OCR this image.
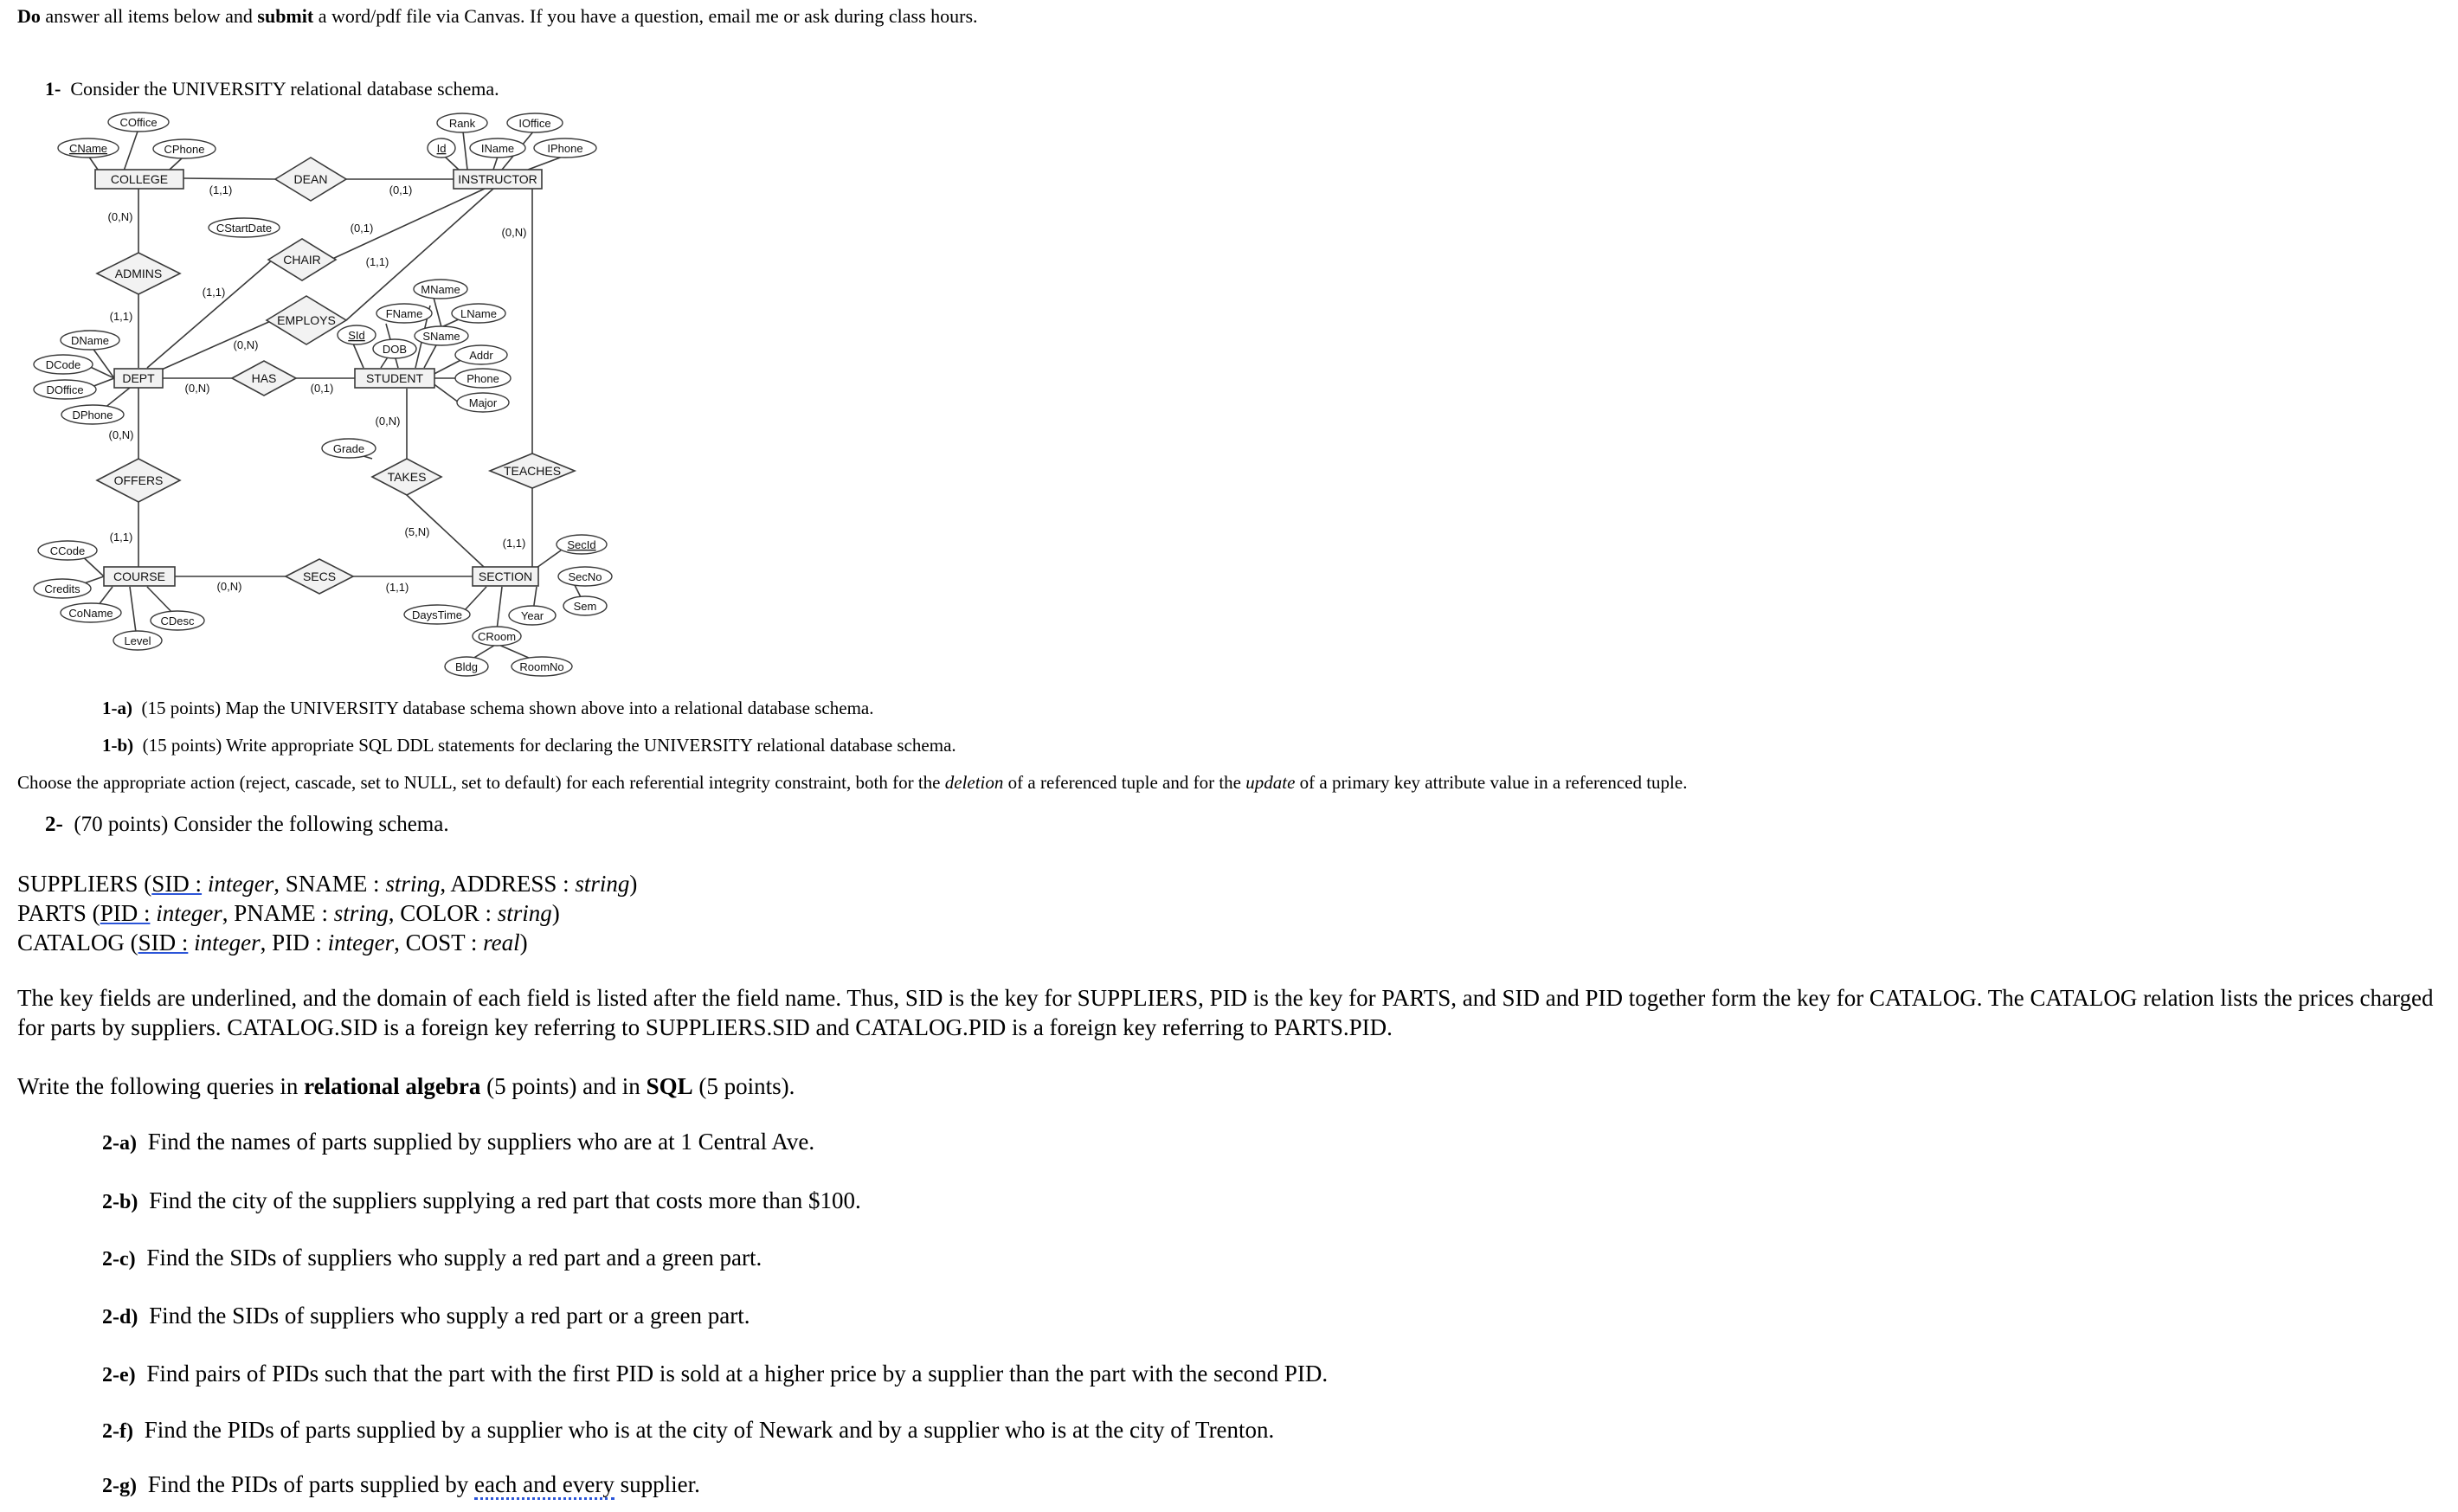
Do answer all items below and submit a word/pdf file via Canvas. If you have a question, email me or ask during class hours.
1- Consider the UNIVERSITY relational database schema.
COLLEGE	INSTRUCTOR
DEPT	STUDENT
COURSE	SECTION
DEAN
CHAIR
ADMINS
EMPLOYS
HAS
OFFERS	TAKES	TEACHES
SECS
COffice
CName	CPhone
Rank	IOffice
Id	IName	IPhone
CStartDate
MName
FName	LName
SName
SId
DOB	Addr
Phone
Major
DName
DCode
DOffice
DPhone
Grade
CCode
Credits
CoName
CDesc
Level
SecId
SecNo
Sem
Year
DaysTime
CRoom
Bldg	RoomNo
(1,1)	(0,1)
(0,1)
(1,1)
(1,1)
(0,N)
(1,1)
(0,N)
(0,N)
(0,N)	(0,1)
(0,N)
(0,N)
(1,1)	(5,N)
(1,1)
(0,N)	(1,1)
1-a) (15 points) Map the UNIVERSITY database schema shown above into a relational database schema.
1-b) (15 points) Write appropriate SQL DDL statements for declaring the UNIVERSITY relational database schema.
Choose the appropriate action (reject, cascade, set to NULL, set to default) for each referential integrity constraint, both for the deletion of a referenced tuple and for the update of a primary key attribute value in a referenced tuple.
2- (70 points) Consider the following schema.
SUPPLIERS (SID : integer, SNAME : string, ADDRESS : string)
PARTS (PID : integer, PNAME : string, COLOR : string)
CATALOG (SID : integer, PID : integer, COST : real)
The key fields are underlined, and the domain of each field is listed after the field name. Thus, SID is the key for SUPPLIERS, PID is the key for PARTS, and SID and PID together form the key for CATALOG. The CATALOG relation lists the prices charged for parts by suppliers. CATALOG.SID is a foreign key referring to SUPPLIERS.SID and CATALOG.PID is a foreign key referring to PARTS.PID.
Write the following queries in relational algebra (5 points) and in SQL (5 points).
2-a) Find the names of parts supplied by suppliers who are at 1 Central Ave.
2-b) Find the city of the suppliers supplying a red part that costs more than $100.
2-c) Find the SIDs of suppliers who supply a red part and a green part.
2-d) Find the SIDs of suppliers who supply a red part or a green part.
2-e) Find pairs of PIDs such that the part with the first PID is sold at a higher price by a supplier than the part with the second PID.
2-f) Find the PIDs of parts supplied by a supplier who is at the city of Newark and by a supplier who is at the city of Trenton.
2-g) Find the PIDs of parts supplied by each and every supplier.
